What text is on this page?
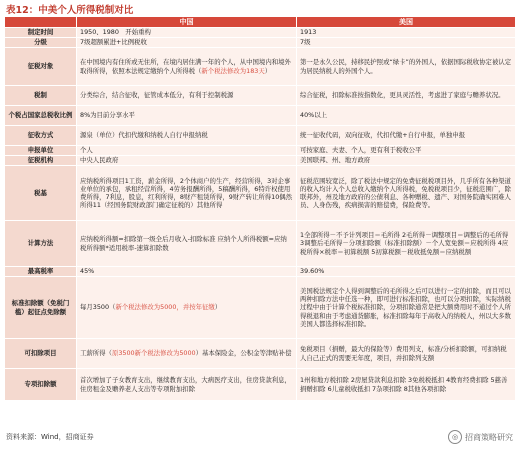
表12：中美个人所得税制对比
	中国	美国
制定时间	1950、1980　开始重构	1913
分级	7级超额累进+比例税收	7级
征税对象	在中国境内有住所或无住所，在境内居住满一年的个人，从中国境内和境外取得所得，依照本法规定缴纳个人所得税（新个税法修改为183天）	第一是永久公民，持移民护照或“绿卡”的外国人，依据国际税收协定被认定为居民纳税人的外国个人。
税制	分类综合，结合征收，征管成本低分，有利于控制税源	综合征税，扣除标准按指数化，更具灵活性，考虑进了家庭与赡养状况。
个税占国家总税收比例	8%为目前分享水平	40%以上
征收方式	源泉（单位）代扣代缴和纳税人自行申报纳税	统一征收代码，双向征收，代扣代缴+自行申报，单独申报
申报单位	个人	可按家庭、夫妻、个人，更有利于税收公平
征税机构	中央人民政府	美国联邦、州、地方政府
税基	应纳税所得项目1工资，薪金所得，2个体商户的生产，经营所得，3对企事业单位的承包，承租经营所得，4劳务报酬所得，5稿酬所得，6特许权使用费所得，7利息，股息，红利所得，8财产租赁所得，9财产转让所得10偶然所得11（经国务院财政部门确定征税的）其他所得	征税范围较宽泛，除了税法中规定的免费征税税项目外，几乎所有各种渠道的收入均计入个人总收入缴纳个人所得税，免税税项目少，征税范围广，除联邦外，州及地方政府的公债利息、各种赠税、遗产、对国务院确实困难人员、人身伤残，疾病损害的赔偿费，保险费等。
计算方法	应纳税所得额=扣除第一级全后月收入-扣除标准 应纳个人所得税额=应纳税所得额*适用税率-速算扣除数	1全部所得－不予计列项目＝毛所得 2毛所得－调整项目＝调整后的毛所得 3调整后毛所得－分项扣除额（标准扣除额）－个人宽免额＝应税所得 4应税所得×税率＝初算税额 5初算税额－税收抵免额＝应纳税额
最高税率	45%	39.60%
标准扣除额（免税门槛）起征点免除额	每月3500（新个税法修改为5000，并按年征缴）	美国税法规定个人得到调整后的毛所得之后可以进行一定的扣除，而且可以两种扣除方法中任选一种，即可进行标准扣除，也可以分项扣除，实际纳税过程中由于计算个税标准扣除，分项扣除通常是把大额费用时不通过个人所得税退和由于考虑通货膨胀，标准扣除每年于高收入的纳税人，州以大多数美国人都选择标准扣除。
可扣除项目	工薪所得（原3500新个税法修改为5000）基本保险金，公积金等津贴补偿	免税项目（捐赠，最大的保险等）费用列支，标准/分析扣除额，可扣纳税人自己正式的需要无年度，项目，并扣除列支额
专项扣除额	首次增加了子女教育支出，继续教育支出，大病医疗支出，住房贷款利息，住房租金及赡养老人支出等专项附加扣除	1州和地方税扣除 2房屋贷款利息扣除 3免税税抵扣 4教育经费扣除 5慈善捐赠扣除 6儿童税收抵扣 7杂项扣除 8其他各项扣除
资料来源：Wind，招商证券	◎ 招商策略研究
